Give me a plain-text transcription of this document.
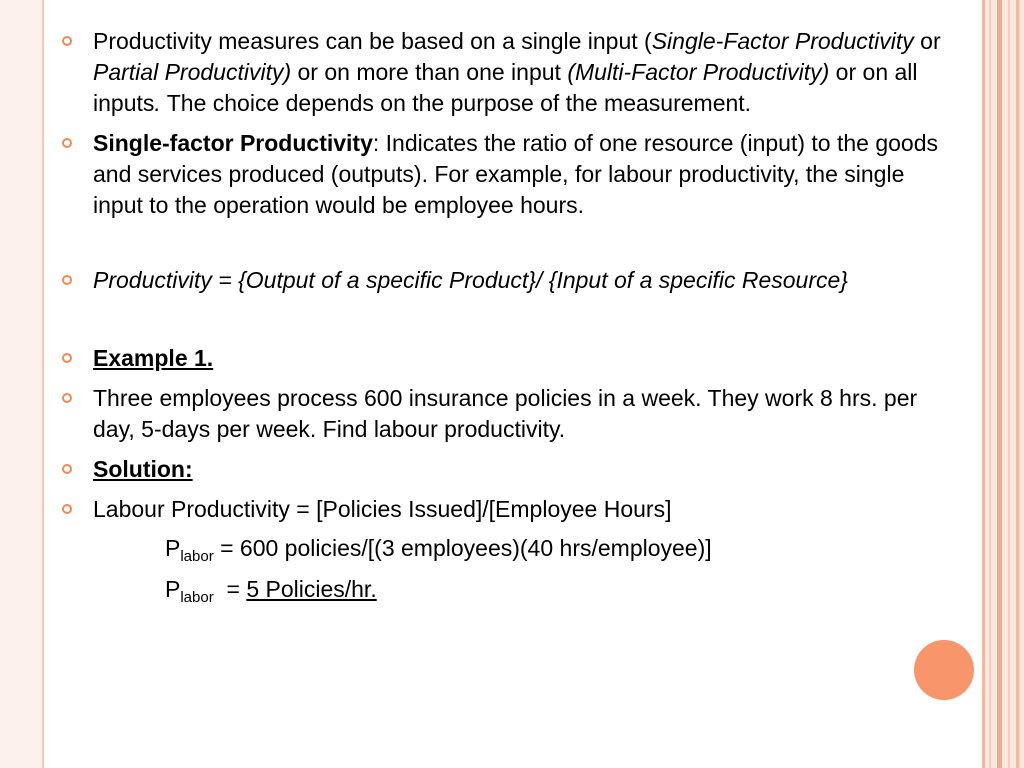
Productivity measures can be based on a single input (Single-Factor Productivity or Partial Productivity) or on more than one input (Multi-Factor Productivity) or on all inputs. The choice depends on the purpose of the measurement.
Single-factor Productivity: Indicates the ratio of one resource (input) to the goods and services produced (outputs). For example, for labour productivity, the single input to the operation would be employee hours.
Productivity = {Output of a specific Product}/ {Input of a specific Resource}
Example 1.
Three employees process 600 insurance policies in a week. They work 8 hrs. per day, 5-days per week. Find labour productivity.
Solution:
Labour Productivity = [Policies Issued]/[Employee Hours]
$P_{labor} = 600$ policies/[(3 employees)(40 hrs/employee)]
$P_{labor} = 5$ Policies/hr.
